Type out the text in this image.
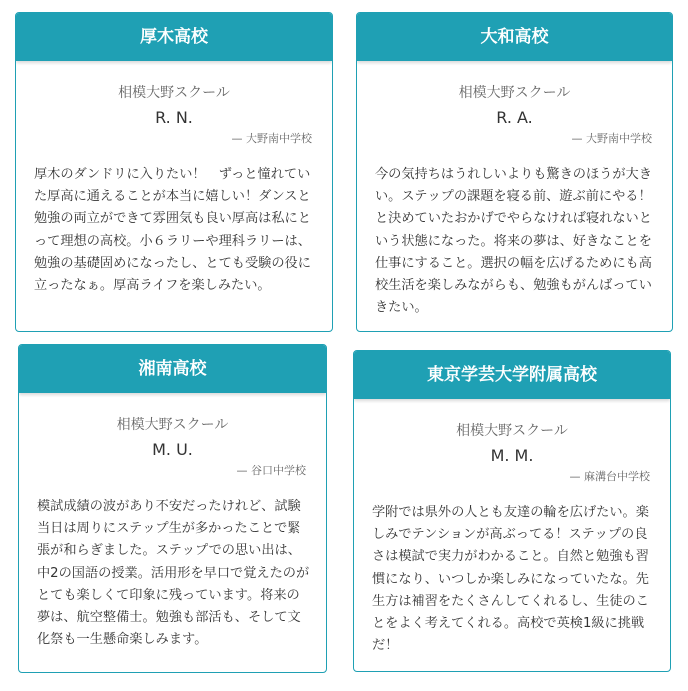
厚木高校
相模大野スクール
R. N.
— 大野南中学校
厚木のダンドリに入りたい！　ずっと憧れていた厚高に通えることが本当に嬉しい！ダンスと勉強の両立ができて雰囲気も良い厚高は私にとって理想の高校。小６ラリーや理科ラリーは、勉強の基礎固めになったし、とても受験の役に立ったなぁ。厚高ライフを楽しみたい。
大和高校
相模大野スクール
R. A.
— 大野南中学校
今の気持ちはうれしいよりも驚きのほうが大きい。ステップの課題を寝る前、遊ぶ前にやる！　と決めていたおかげでやらなければ寝れないという状態になった。将来の夢は、好きなことを仕事にすること。選択の幅を広げるためにも高校生活を楽しみながらも、勉強もがんばっていきたい。
湘南高校
相模大野スクール
M. U.
— 谷口中学校
模試成績の波があり不安だったけれど、試験当日は周りにステップ生が多かったことで緊張が和らぎました。ステップでの思い出は、中2の国語の授業。活用形を早口で覚えたのがとても楽しくて印象に残っています。将来の夢は、航空整備士。勉強も部活も、そして文化祭も一生懸命楽しみます。
東京学芸大学附属高校
相模大野スクール
M. M.
— 麻溝台中学校
学附では県外の人とも友達の輪を広げたい。楽しみでテンションが高ぶってる！ステップの良さは模試で実力がわかること。自然と勉強も習慣になり、いつしか楽しみになっていたな。先生方は補習をたくさんしてくれるし、生徒のことをよく考えてくれる。高校で英検1級に挑戦だ！
